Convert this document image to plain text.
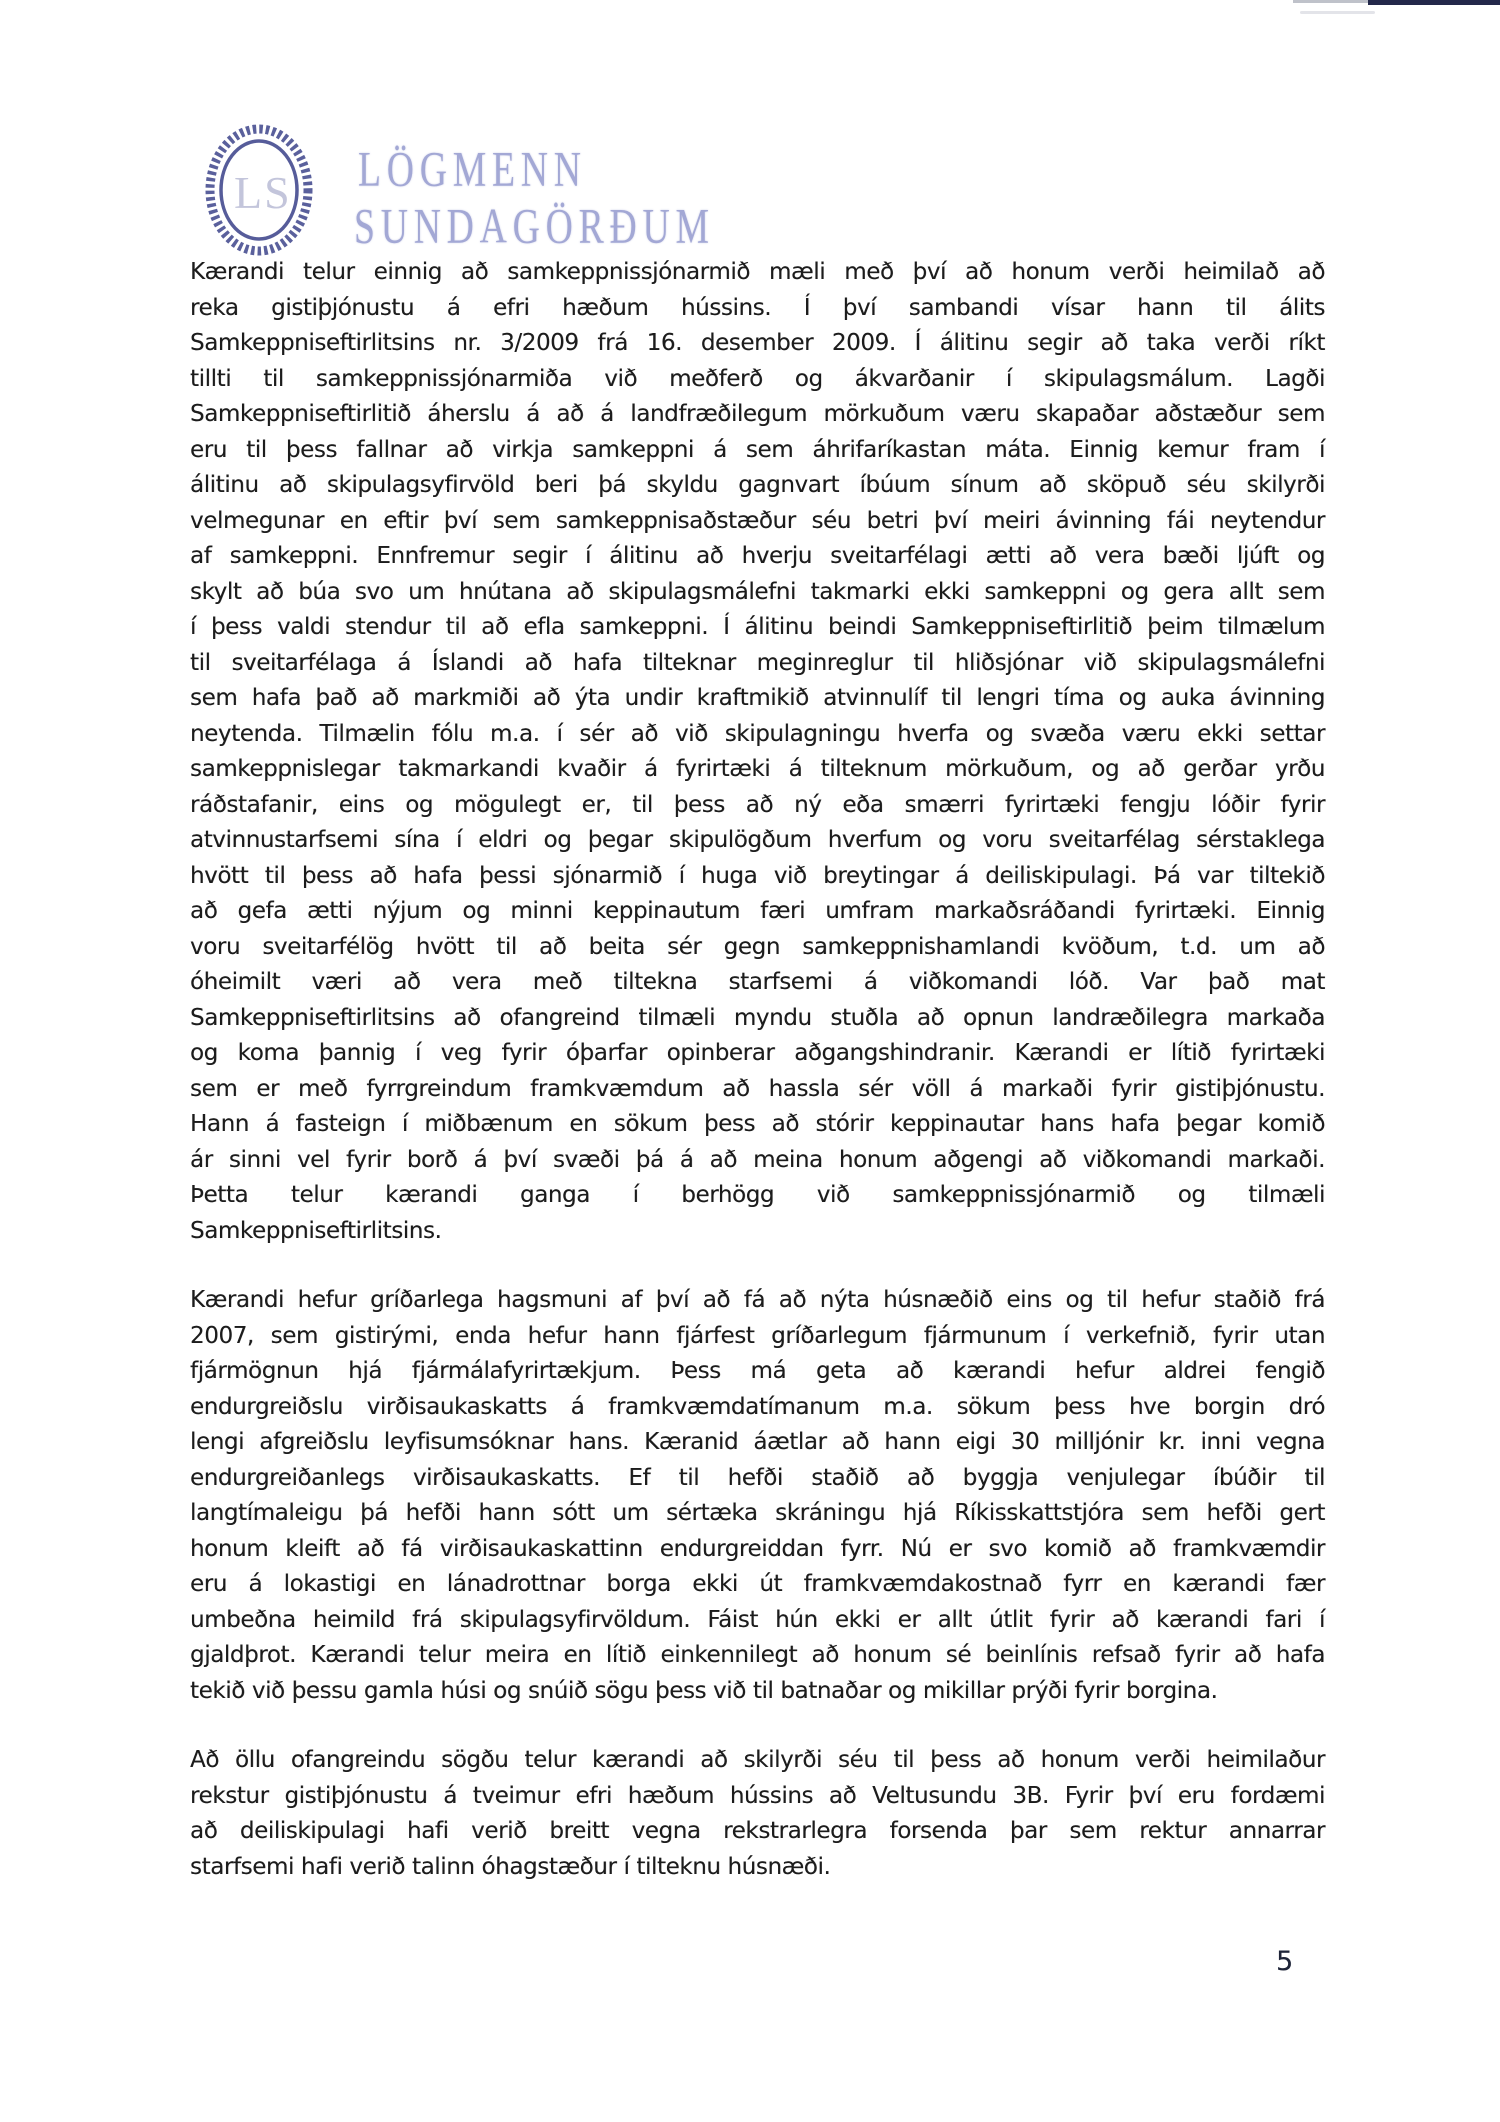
LS LÖGMENN
SUNDAGÖRÐUM

Kærandi telur einnig að samkeppnissjónarmið mæli með því að honum verði heimilað að
reka gistiþjónustu á efri hæðum hússins. Í því sambandi vísar hann til álits
Samkeppniseftirlitsins nr. 3/2009 frá 16. desember 2009. Í álitinu segir að taka verði ríkt
tillti til samkeppnissjónarmiða við meðferð og ákvarðanir í skipulagsmálum. Lagði
Samkeppniseftirlitið áherslu á að á landfræðilegum mörkuðum væru skapaðar aðstæður sem
eru til þess fallnar að virkja samkeppni á sem áhrifaríkastan máta. Einnig kemur fram í
álitinu að skipulagsyfirvöld beri þá skyldu gagnvart íbúum sínum að sköpuð séu skilyrði
velmegunar en eftir því sem samkeppnisaðstæður séu betri því meiri ávinning fái neytendur
af samkeppni. Ennfremur segir í álitinu að hverju sveitarfélagi ætti að vera bæði ljúft og
skylt að búa svo um hnútana að skipulagsmálefni takmarki ekki samkeppni og gera allt sem
í þess valdi stendur til að efla samkeppni. Í álitinu beindi Samkeppniseftirlitið þeim tilmælum
til sveitarfélaga á Íslandi að hafa tilteknar meginreglur til hliðsjónar við skipulagsmálefni
sem hafa það að markmiði að ýta undir kraftmikið atvinnulíf til lengri tíma og auka ávinning
neytenda. Tilmælin fólu m.a. í sér að við skipulagningu hverfa og svæða væru ekki settar
samkeppnislegar takmarkandi kvaðir á fyrirtæki á tilteknum mörkuðum, og að gerðar yrðu
ráðstafanir, eins og mögulegt er, til þess að ný eða smærri fyrirtæki fengju lóðir fyrir
atvinnustarfsemi sína í eldri og þegar skipulögðum hverfum og voru sveitarfélag sérstaklega
hvött til þess að hafa þessi sjónarmið í huga við breytingar á deiliskipulagi. Þá var tiltekið
að gefa ætti nýjum og minni keppinautum færi umfram markaðsráðandi fyrirtæki. Einnig
voru sveitarfélög hvött til að beita sér gegn samkeppnishamlandi kvöðum, t.d. um að
óheimilt væri að vera með tiltekna starfsemi á viðkomandi lóð. Var það mat
Samkeppniseftirlitsins að ofangreind tilmæli myndu stuðla að opnun landræðilegra markaða
og koma þannig í veg fyrir óþarfar opinberar aðgangshindranir. Kærandi er lítið fyrirtæki
sem er með fyrrgreindum framkvæmdum að hassla sér völl á markaði fyrir gistiþjónustu.
Hann á fasteign í miðbænum en sökum þess að stórir keppinautar hans hafa þegar komið
ár sinni vel fyrir borð á því svæði þá á að meina honum aðgengi að viðkomandi markaði.
Þetta telur kærandi ganga í berhögg við samkeppnissjónarmið og tilmæli
Samkeppniseftirlitsins.

Kærandi hefur gríðarlega hagsmuni af því að fá að nýta húsnæðið eins og til hefur staðið frá
2007, sem gistirými, enda hefur hann fjárfest gríðarlegum fjármunum í verkefnið, fyrir utan
fjármögnun hjá fjármálafyrirtækjum. Þess má geta að kærandi hefur aldrei fengið
endurgreiðslu virðisaukaskatts á framkvæmdatímanum m.a. sökum þess hve borgin dró
lengi afgreiðslu leyfisumsóknar hans. Kæranid áætlar að hann eigi 30 milljónir kr. inni vegna
endurgreiðanlegs virðisaukaskatts. Ef til hefði staðið að byggja venjulegar íbúðir til
langtímaleigu þá hefði hann sótt um sértæka skráningu hjá Ríkisskattstjóra sem hefði gert
honum kleift að fá virðisaukaskattinn endurgreiddan fyrr. Nú er svo komið að framkvæmdir
eru á lokastigi en lánadrottnar borga ekki út framkvæmdakostnað fyrr en kærandi fær
umbeðna heimild frá skipulagsyfirvöldum. Fáist hún ekki er allt útlit fyrir að kærandi fari í
gjaldþrot. Kærandi telur meira en lítið einkennilegt að honum sé beinlínis refsað fyrir að hafa
tekið við þessu gamla húsi og snúið sögu þess við til batnaðar og mikillar prýði fyrir borgina.

Að öllu ofangreindu sögðu telur kærandi að skilyrði séu til þess að honum verði heimilaður
rekstur gistiþjónustu á tveimur efri hæðum hússins að Veltusundu 3B. Fyrir því eru fordæmi
að deiliskipulagi hafi verið breitt vegna rekstrarlegra forsenda þar sem rektur annarrar
starfsemi hafi verið talinn óhagstæður í tilteknu húsnæði.

5
